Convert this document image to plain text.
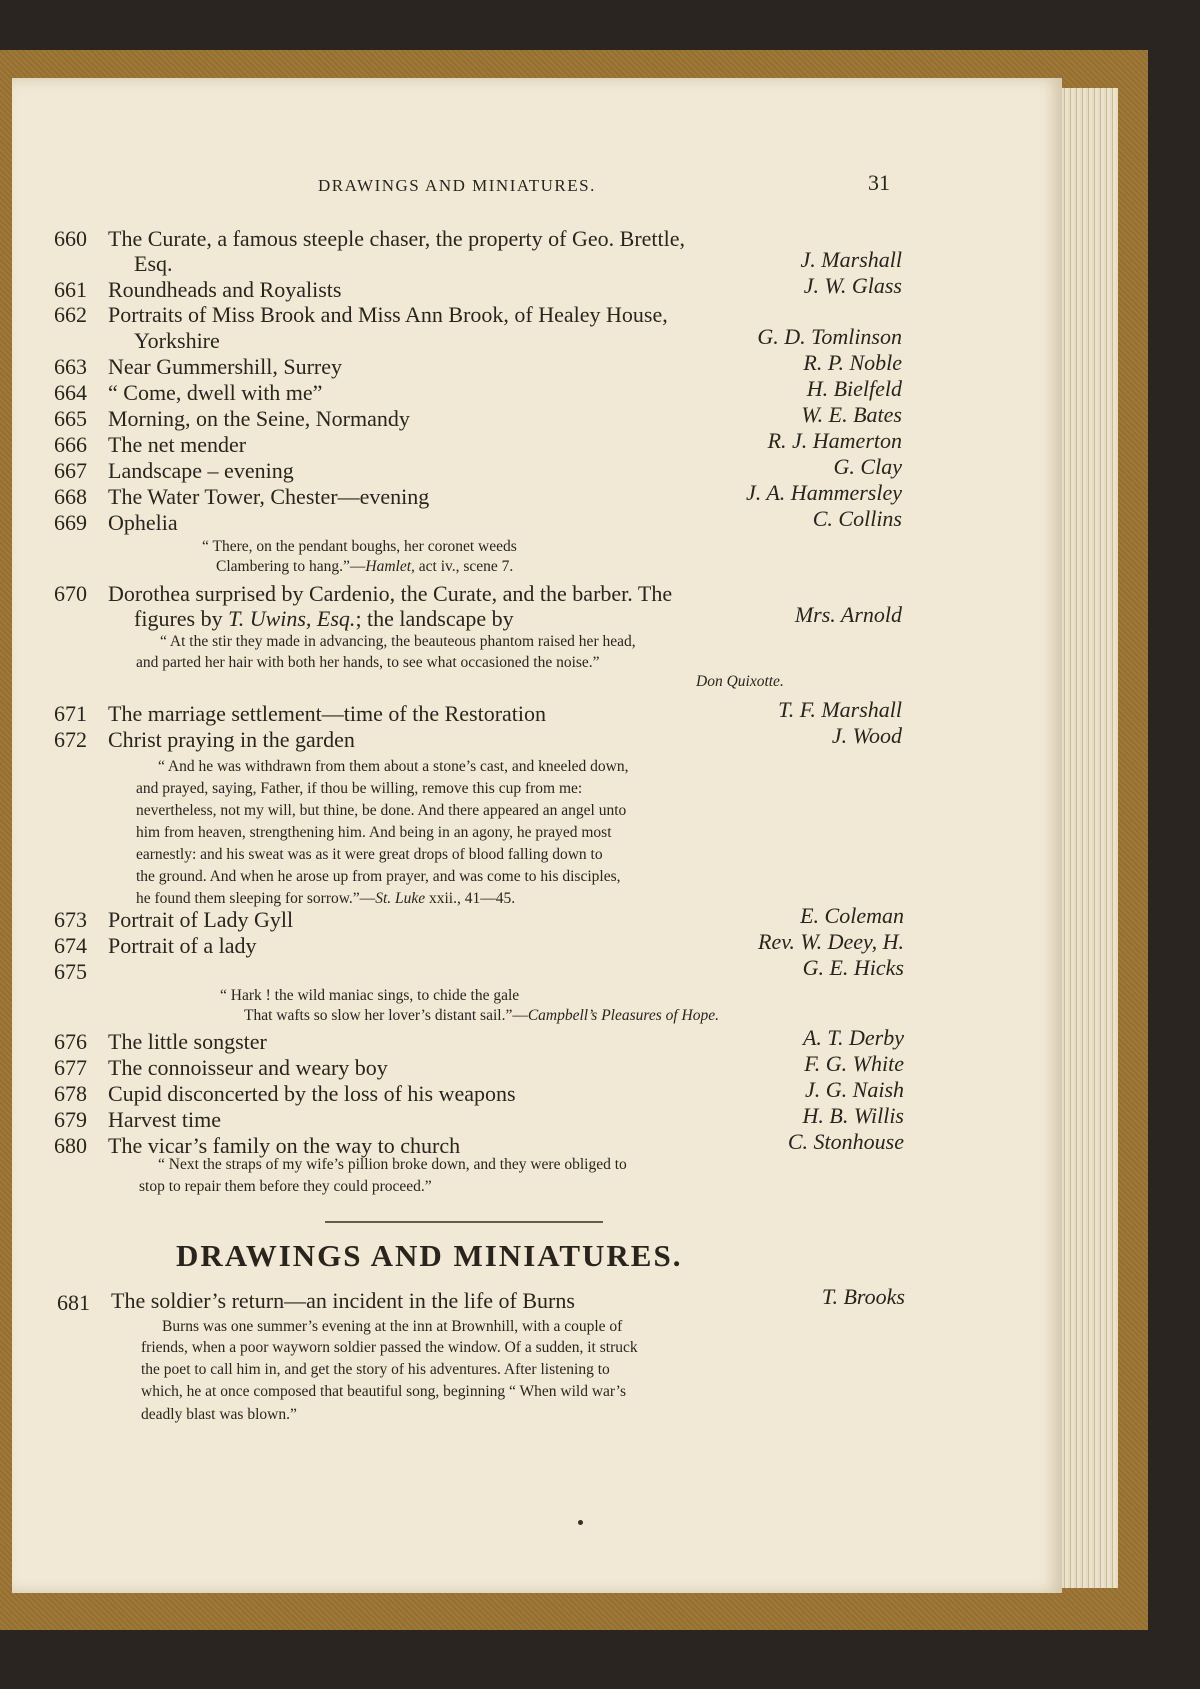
DRAWINGS AND MINIATURES.	31
660 The Curate, a famous steeple chaser, the property of Geo. Brettle,
Esq.	J. Marshall
661 Roundheads and Royalists	J. W. Glass
662 Portraits of Miss Brook and Miss Ann Brook, of Healey House,
Yorkshire	G. D. Tomlinson
663 Near Gummershill, Surrey	R. P. Noble
664 “ Come, dwell with me”	H. Bielfeld
665 Morning, on the Seine, Normandy	W. E. Bates
666 The net mender	R. J. Hamerton
667 Landscape – evening	G. Clay
668 The Water Tower, Chester—evening	J. A. Hammersley
669 Ophelia	C. Collins
“ There, on the pendant boughs, her coronet weeds
Clambering to hang.”—Hamlet, act iv., scene 7.
670 Dorothea surprised by Cardenio, the Curate, and the barber. The
figures by T. Uwins, Esq.; the landscape by	Mrs. Arnold
“ At the stir they made in advancing, the beauteous phantom raised her head,
and parted her hair with both her hands, to see what occasioned the noise.”
Don Quixotte.
671 The marriage settlement—time of the Restoration	T. F. Marshall
672 Christ praying in the garden	J. Wood
“ And he was withdrawn from them about a stone’s cast, and kneeled down,
and prayed, saying, Father, if thou be willing, remove this cup from me:
nevertheless, not my will, but thine, be done. And there appeared an angel unto
him from heaven, strengthening him. And being in an agony, he prayed most
earnestly: and his sweat was as it were great drops of blood falling down to
the ground. And when he arose up from prayer, and was come to his disciples,
he found them sleeping for sorrow.”—St. Luke xxii., 41—45.
673 Portrait of Lady Gyll	E. Coleman
674 Portrait of a lady	Rev. W. Deey, H.
675	G. E. Hicks
“ Hark ! the wild maniac sings, to chide the gale
That wafts so slow her lover’s distant sail.”—Campbell’s Pleasures of Hope.
676 The little songster	A. T. Derby
677 The connoisseur and weary boy	F. G. White
678 Cupid disconcerted by the loss of his weapons	J. G. Naish
679 Harvest time	H. B. Willis
680 The vicar’s family on the way to church	C. Stonhouse
“ Next the straps of my wife’s pillion broke down, and they were obliged to
stop to repair them before they could proceed.”
DRAWINGS AND MINIATURES.
681 The soldier’s return—an incident in the life of Burns	T. Brooks
Burns was one summer’s evening at the inn at Brownhill, with a couple of
friends, when a poor wayworn soldier passed the window. Of a sudden, it struck
the poet to call him in, and get the story of his adventures. After listening to
which, he at once composed that beautiful song, beginning “ When wild war’s
deadly blast was blown.”
